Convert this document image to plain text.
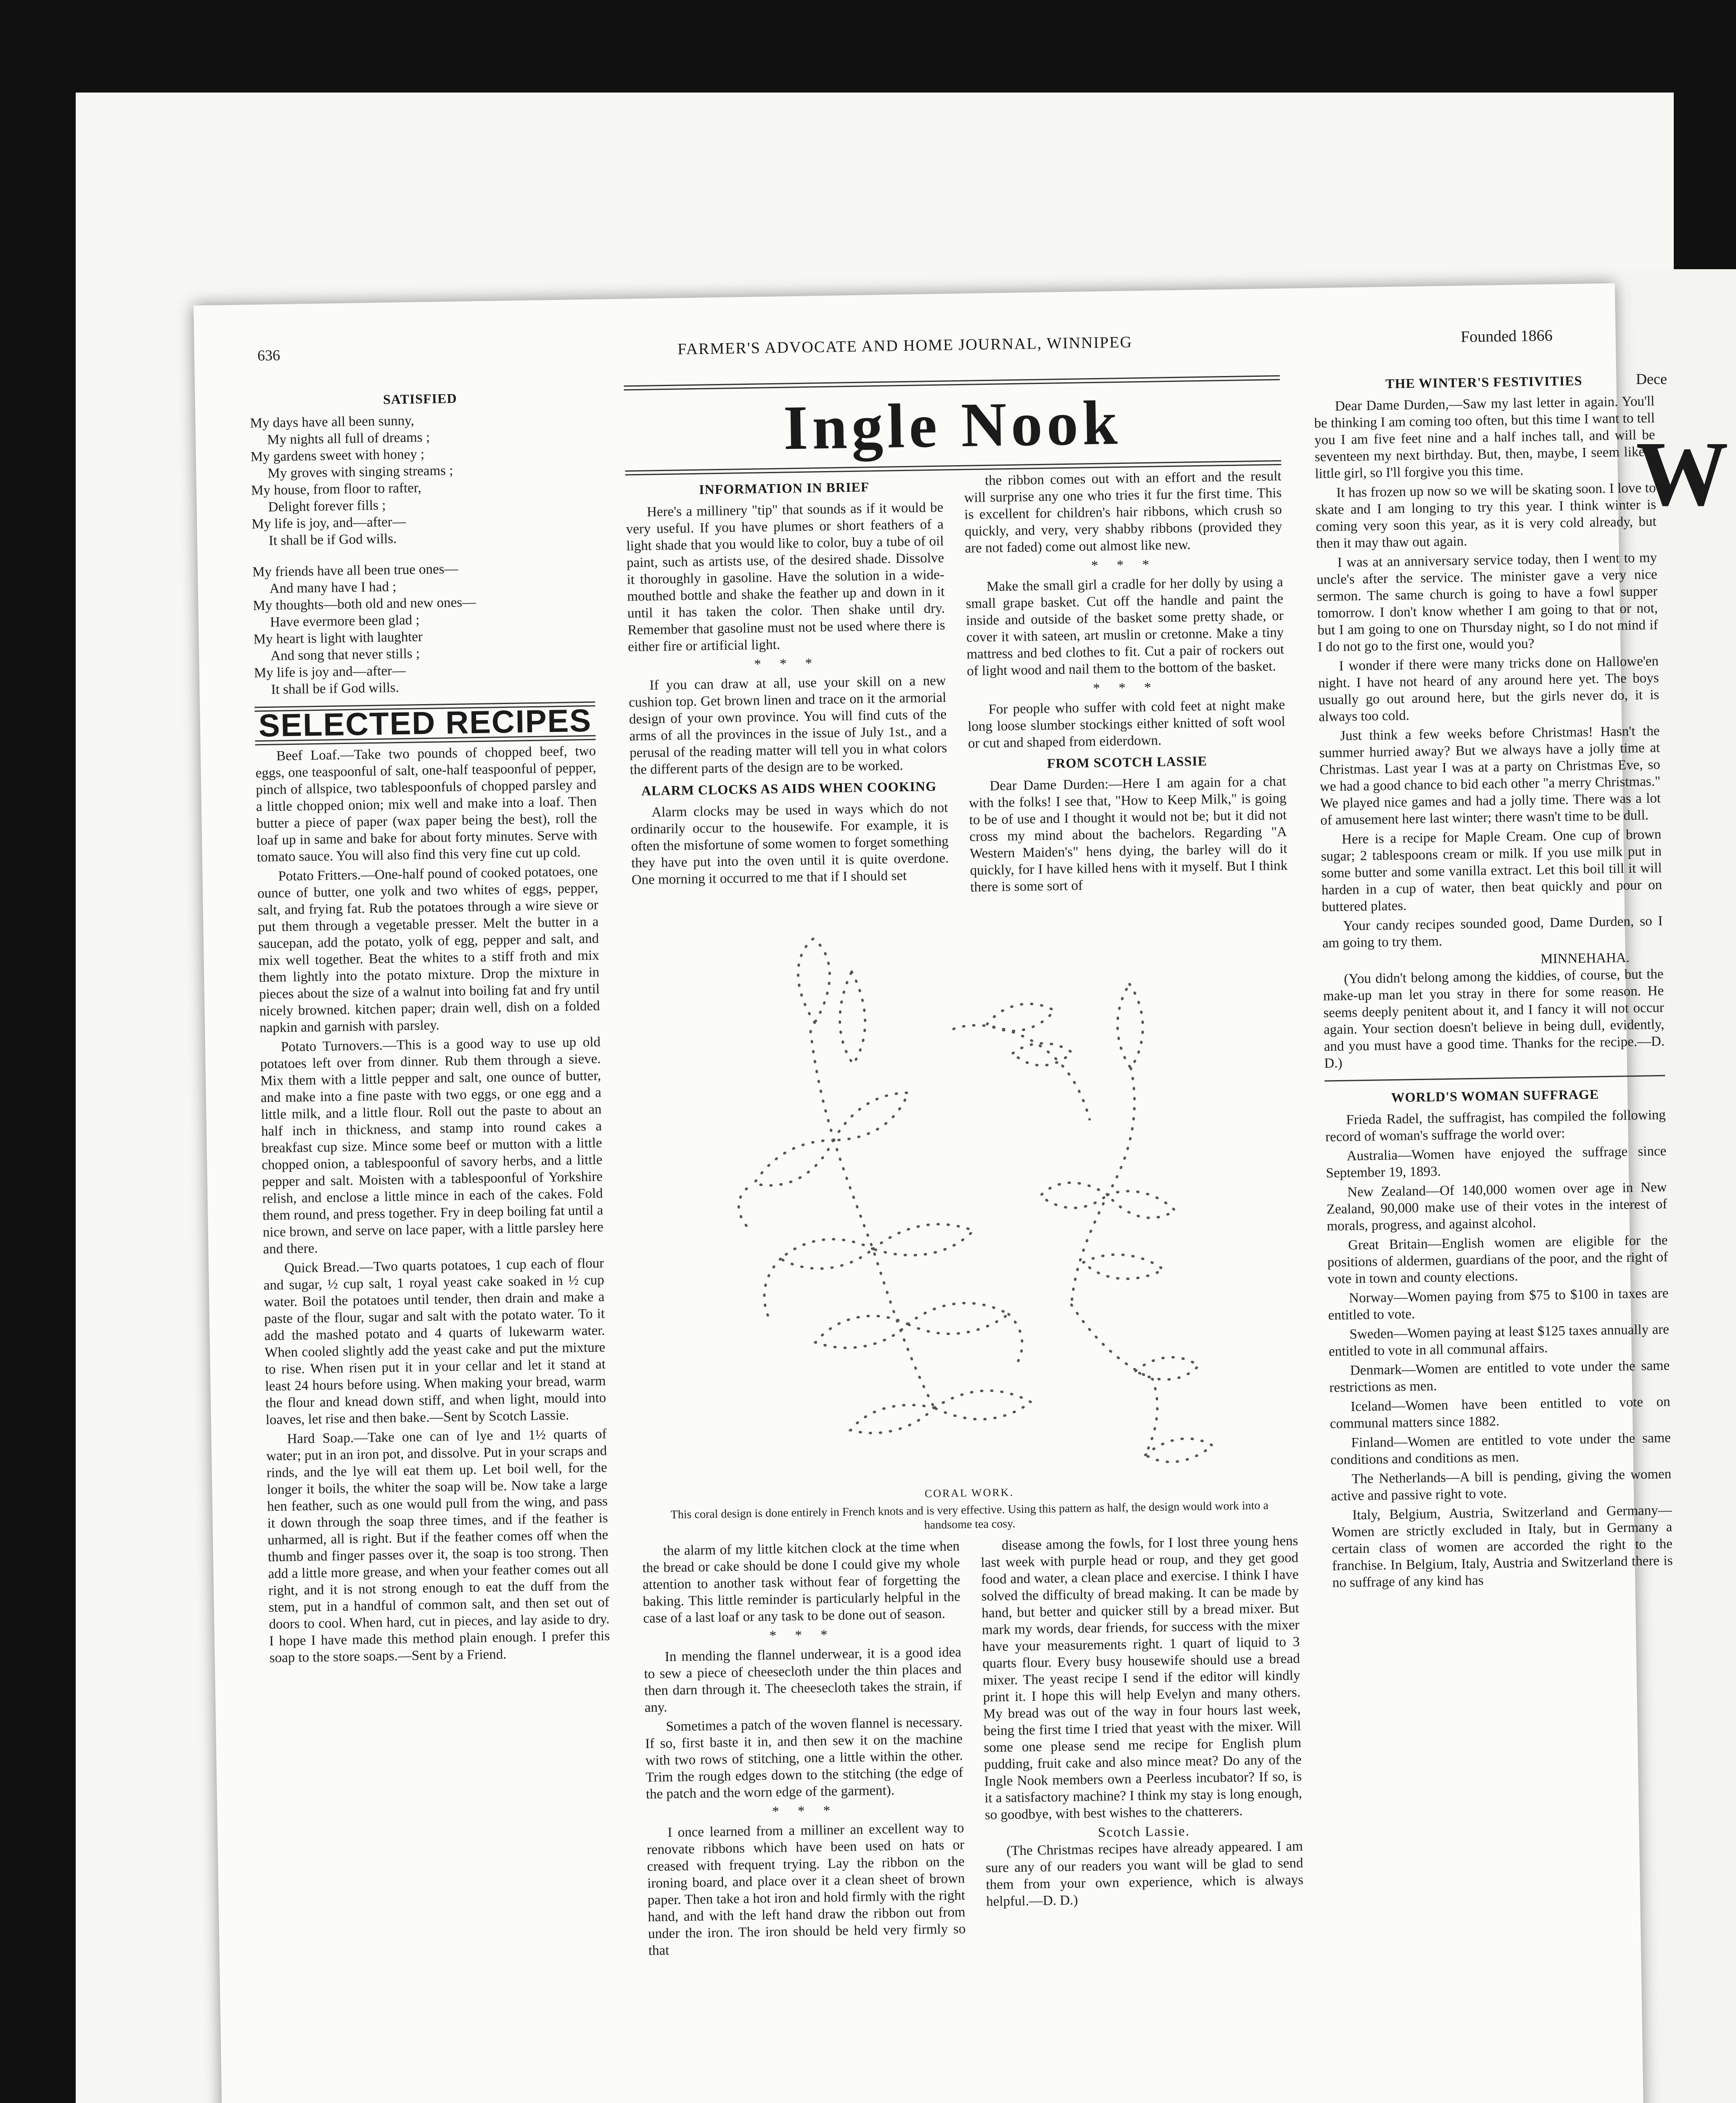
Dece
W
636	FARMER'S ADVOCATE AND HOME JOURNAL, WINNIPEG	Founded 1866
SATISFIED
My days have all been sunny,
My nights all full of dreams ;
My gardens sweet with honey ;
My groves with singing streams ;
My house, from floor to rafter,
Delight forever fills ;
My life is joy, and—after—
It shall be if God wills.
My friends have all been true ones—
And many have I had ;
My thoughts—both old and new ones—
Have evermore been glad ;
My heart is light with laughter
And song that never stills ;
My life is joy and—after—
It shall be if God wills.
SELECTED RECIPES

Beef Loaf.—Take two pounds of chopped beef, two eggs, one teaspoonful of salt, one-half teaspoonful of pepper, pinch of allspice, two tablespoonfuls of chopped parsley and a little chopped onion; mix well and make into a loaf. Then butter a piece of paper (wax paper being the best), roll the loaf up in same and bake for about forty minutes. Serve with tomato sauce. You will also find this very fine cut up cold.

Potato Fritters.—One-half pound of cooked potatoes, one ounce of butter, one yolk and two whites of eggs, pepper, salt, and frying fat. Rub the potatoes through a wire sieve or put them through a vegetable presser. Melt the butter in a saucepan, add the potato, yolk of egg, pepper and salt, and mix well together. Beat the whites to a stiff froth and mix them lightly into the potato mixture. Drop the mixture in pieces about the size of a walnut into boiling fat and fry until nicely browned. kitchen paper; drain well, dish on a folded napkin and garnish with parsley.

Potato Turnovers.—This is a good way to use up old potatoes left over from dinner. Rub them through a sieve. Mix them with a little pepper and salt, one ounce of butter, and make into a fine paste with two eggs, or one egg and a little milk, and a little flour. Roll out the paste to about an half inch in thickness, and stamp into round cakes a breakfast cup size. Mince some beef or mutton with a little chopped onion, a tablespoonful of savory herbs, and a little pepper and salt. Moisten with a tablespoonful of Yorkshire relish, and enclose a little mince in each of the cakes. Fold them round, and press together. Fry in deep boiling fat until a nice brown, and serve on lace paper, with a little parsley here and there.

Quick Bread.—Two quarts potatoes, 1 cup each of flour and sugar, ½ cup salt, 1 royal yeast cake soaked in ½ cup water. Boil the potatoes until tender, then drain and make a paste of the flour, sugar and salt with the potato water. To it add the mashed potato and 4 quarts of lukewarm water. When cooled slightly add the yeast cake and put the mixture to rise. When risen put it in your cellar and let it stand at least 24 hours before using. When making your bread, warm the flour and knead down stiff, and when light, mould into loaves, let rise and then bake.—Sent by Scotch Lassie.

Hard Soap.—Take one can of lye and 1½ quarts of water; put in an iron pot, and dissolve. Put in your scraps and rinds, and the lye will eat them up. Let boil well, for the longer it boils, the whiter the soap will be. Now take a large hen feather, such as one would pull from the wing, and pass it down through the soap three times, and if the feather is unharmed, all is right. But if the feather comes off when the thumb and finger passes over it, the soap is too strong. Then add a little more grease, and when your feather comes out all right, and it is not strong enough to eat the duff from the stem, put in a handful of common salt, and then set out of doors to cool. When hard, cut in pieces, and lay aside to dry. I hope I have made this method plain enough. I prefer this soap to the store soaps.—Sent by a Friend.

Ingle Nook
INFORMATION IN BRIEF

Here's a millinery "tip" that sounds as if it would be very useful. If you have plumes or short feathers of a light shade that you would like to color, buy a tube of oil paint, such as artists use, of the desired shade. Dissolve it thoroughly in gasoline. Have the solution in a wide-mouthed bottle and shake the feather up and down in it until it has taken the color. Then shake until dry. Remember that gasoline must not be used where there is either fire or artificial light.

* * *

If you can draw at all, use your skill on a new cushion top. Get brown linen and trace on it the armorial design of your own province. You will find cuts of the arms of all the provinces in the issue of July 1st., and a perusal of the reading matter will tell you in what colors the different parts of the design are to be worked.

ALARM CLOCKS AS AIDS WHEN COOKING

Alarm clocks may be used in ways which do not ordinarily occur to the housewife. For example, it is often the misfortune of some women to forget something they have put into the oven until it is quite overdone. One morning it occurred to me that if I should set

the ribbon comes out with an effort and the result will surprise any one who tries it fur the first time. This is excellent for children's hair ribbons, which crush so quickly, and very, very shabby ribbons (provided they are not faded) come out almost like new.

* * *

Make the small girl a cradle for her dolly by using a small grape basket. Cut off the handle and paint the inside and outside of the basket some pretty shade, or cover it with sateen, art muslin or cretonne. Make a tiny mattress and bed clothes to fit. Cut a pair of rockers out of light wood and nail them to the bottom of the basket.

* * *

For people who suffer with cold feet at night make long loose slumber stockings either knitted of soft wool or cut and shaped from eiderdown.

FROM SCOTCH LASSIE

Dear Dame Durden:—Here I am again for a chat with the folks! I see that, "How to Keep Milk," is going to be of use and I thought it would not be; but it did not cross my mind about the bachelors. Regarding "A Western Maiden's" hens dying, the barley will do it quickly, for I have killed hens with it myself. But I think there is some sort of

CORAL WORK.
This coral design is done entirely in French knots and is very effective. Using this pattern as half, the design would work into a handsome tea cosy.

the alarm of my little kitchen clock at the time when the bread or cake should be done I could give my whole attention to another task without fear of forgetting the baking. This little reminder is particularly helpful in the case of a last loaf or any task to be done out of season.

* * *

In mending the flannel underwear, it is a good idea to sew a piece of cheesecloth under the thin places and then darn through it. The cheesecloth takes the strain, if any.

Sometimes a patch of the woven flannel is necessary. If so, first baste it in, and then sew it on the machine with two rows of stitching, one a little within the other. Trim the rough edges down to the stitching (the edge of the patch and the worn edge of the garment).

* * *

I once learned from a milliner an excellent way to renovate ribbons which have been used on hats or creased with frequent trying. Lay the ribbon on the ironing board, and place over it a clean sheet of brown paper. Then take a hot iron and hold firmly with the right hand, and with the left hand draw the ribbon out from under the iron. The iron should be held very firmly so that

disease among the fowls, for I lost three young hens last week with purple head or roup, and they get good food and water, a clean place and exercise. I think I have solved the difficulty of bread making. It can be made by hand, but better and quicker still by a bread mixer. But mark my words, dear friends, for success with the mixer have your measurements right. 1 quart of liquid to 3 quarts flour. Every busy housewife should use a bread mixer. The yeast recipe I send if the editor will kindly print it. I hope this will help Evelyn and many others. My bread was out of the way in four hours last week, being the first time I tried that yeast with the mixer. Will some one please send me recipe for English plum pudding, fruit cake and also mince meat? Do any of the Ingle Nook members own a Peerless incubator? If so, is it a satisfactory machine? I think my stay is long enough, so goodbye, with best wishes to the chatterers.

Scotch Lassie.

(The Christmas recipes have already appeared. I am sure any of our readers you want will be glad to send them from your own experience, which is always helpful.—D. D.)

THE WINTER'S FESTIVITIES

Dear Dame Durden,—Saw my last letter in again. You'll be thinking I am coming too often, but this time I want to tell you I am five feet nine and a half inches tall, and will be seventeen my next birthday. But, then, maybe, I seem like a little girl, so I'll forgive you this time.

It has frozen up now so we will be skating soon. I love to skate and I am longing to try this year. I think winter is coming very soon this year, as it is very cold already, but then it may thaw out again.

I was at an anniversary service today, then I went to my uncle's after the service. The minister gave a very nice sermon. The same church is going to have a fowl supper tomorrow. I don't know whether I am going to that or not, but I am going to one on Thursday night, so I do not mind if I do not go to the first one, would you?

I wonder if there were many tricks done on Hallowe'en night. I have not heard of any around here yet. The boys usually go out around here, but the girls never do, it is always too cold.

Just think a few weeks before Christmas! Hasn't the summer hurried away? But we always have a jolly time at Christmas. Last year I was at a party on Christmas Eve, so we had a good chance to bid each other "a merry Christmas." We played nice games and had a jolly time. There was a lot of amusement here last winter; there wasn't time to be dull.

Here is a recipe for Maple Cream. One cup of brown sugar; 2 tablespoons cream or milk. If you use milk put in some butter and some vanilla extract. Let this boil till it will harden in a cup of water, then beat quickly and pour on buttered plates.

Your candy recipes sounded good, Dame Durden, so I am going to try them.

MINNEHAHA.

(You didn't belong among the kiddies, of course, but the make-up man let you stray in there for some reason. He seems deeply penitent about it, and I fancy it will not occur again. Your section doesn't believe in being dull, evidently, and you must have a good time. Thanks for the recipe.—D. D.)

WORLD'S WOMAN SUFFRAGE

Frieda Radel, the suffragist, has compiled the following record of woman's suffrage the world over:

Australia—Women have enjoyed the suffrage since September 19, 1893.

New Zealand—Of 140,000 women over age in New Zealand, 90,000 make use of their votes in the interest of morals, progress, and against alcohol.

Great Britain—English women are eligible for the positions of aldermen, guardians of the poor, and the right of vote in town and county elections.

Norway—Women paying from $75 to $100 in taxes are entitled to vote.

Sweden—Women paying at least $125 taxes annually are entitled to vote in all communal affairs.

Denmark—Women are entitled to vote under the same restrictions as men.

Iceland—Women have been entitled to vote on communal matters since 1882.

Finland—Women are entitled to vote under the same conditions and conditions as men.

The Netherlands—A bill is pending, giving the women active and passive right to vote.

Italy, Belgium, Austria, Switzerland and Germany—Women are strictly excluded in Italy, but in Germany a certain class of women are accorded the right to the franchise. In Belgium, Italy, Austria and Switzerland there is no suffrage of any kind has
